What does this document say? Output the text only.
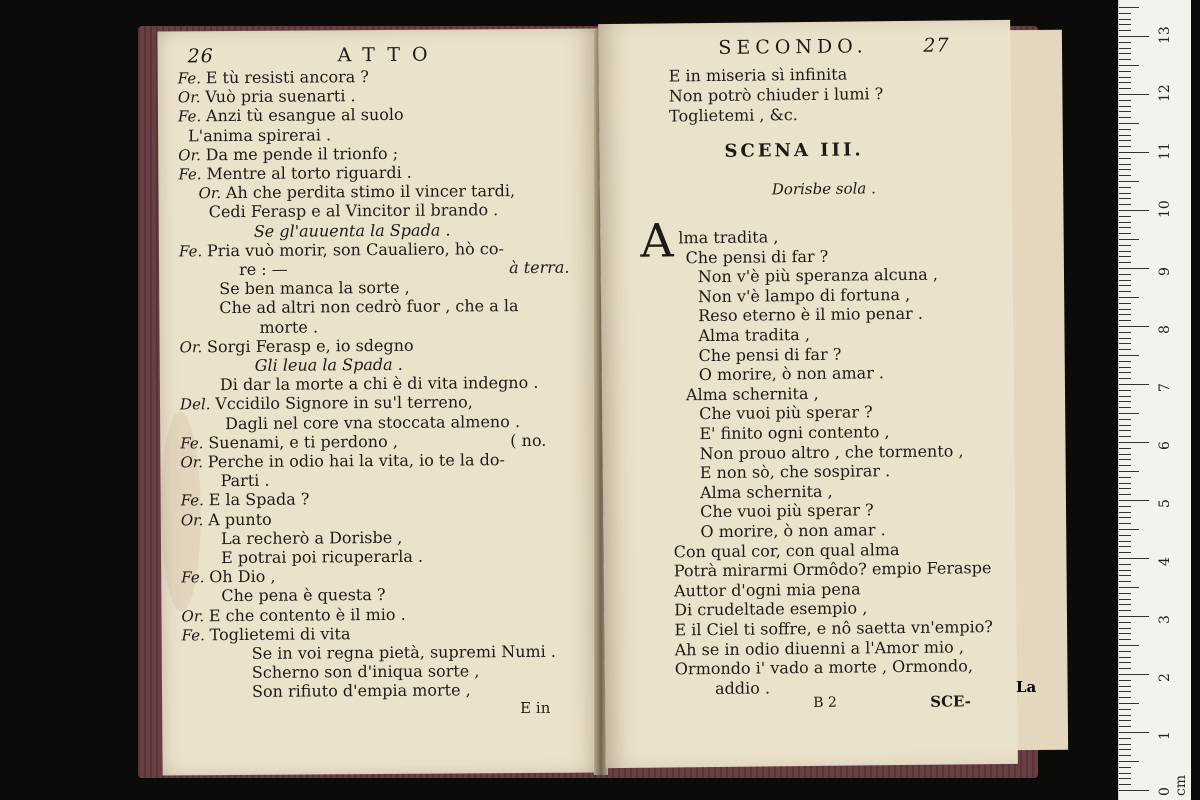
26	ATTO
E in
Fe. E tù resisti ancora ?
Or. Vuò pria suenarti .
Fe. Anzi tù esangue al suolo
L'anima spirerai .
Or. Da me pende il trionfo ;
Fe. Mentre al torto riguardi .
Or. Ah che perdita stimo il vincer tardi,
Cedi Ferasp e al Vincitor il brando .
Se gl'auuenta la Spada .
Fe. Pria vuò morir, son Caualiero, hò co-
re : —	à terra.
Se ben manca la sorte ,
Che ad altri non cedrò fuor , che a la
morte .
Or. Sorgi Ferasp e, io sdegno
Gli leua la Spada .
Di dar la morte a chi è di vita indegno .
Del. Vccidilo Signore in su'l terreno,
Dagli nel core vna stoccata almeno .
Fe. Suenami, e ti perdono ,	( no.
Or. Perche in odio hai la vita, io te la do-
Parti .
Fe. E la Spada ?
Or. A punto
La recherò a Dorisbe ,
E potrai poi ricuperarla .
Fe. Oh Dio ,
Che pena è questa ?
Or. E che contento è il mio .
Fe. Toglietemi di vita
Se in voi regna pietà, supremi Numi .
Scherno son d'iniqua sorte ,
Son rifiuto d'empia morte ,
SECONDO.	27
E in miseria sì infinita
Non potrò chiuder i lumi ?
Toglietemi , &c.
SCENA III.
Dorisbe sola .
A
B 2	SCE-
lma tradita ,
Che pensi di far ?
Non v'è più speranza alcuna ,
Non v'è lampo di fortuna ,
Reso eterno è il mio penar .
Alma tradita ,
Che pensi di far ?
O morire, ò non amar .
Alma schernita ,
Che vuoi più sperar ?
E' finito ogni contento ,
Non prouo altro , che tormento ,
E non sò, che sospirar .
Alma schernita ,
Che vuoi più sperar ?
O morire, ò non amar .
Con qual cor, con qual alma
Potrà mirarmi Ormôdo? empio Feraspe
Auttor d'ogni mia pena
Di crudeltade esempio ,
E il Ciel ti soffre, e nô saetta vn'empio?
Ah se in odio diuenni a l'Amor mio ,
Ormondo i' vado a morte , Ormondo,
addio .	La
0 cm
1
2
3
4
5
6
7
8
9
10
11
12
13
